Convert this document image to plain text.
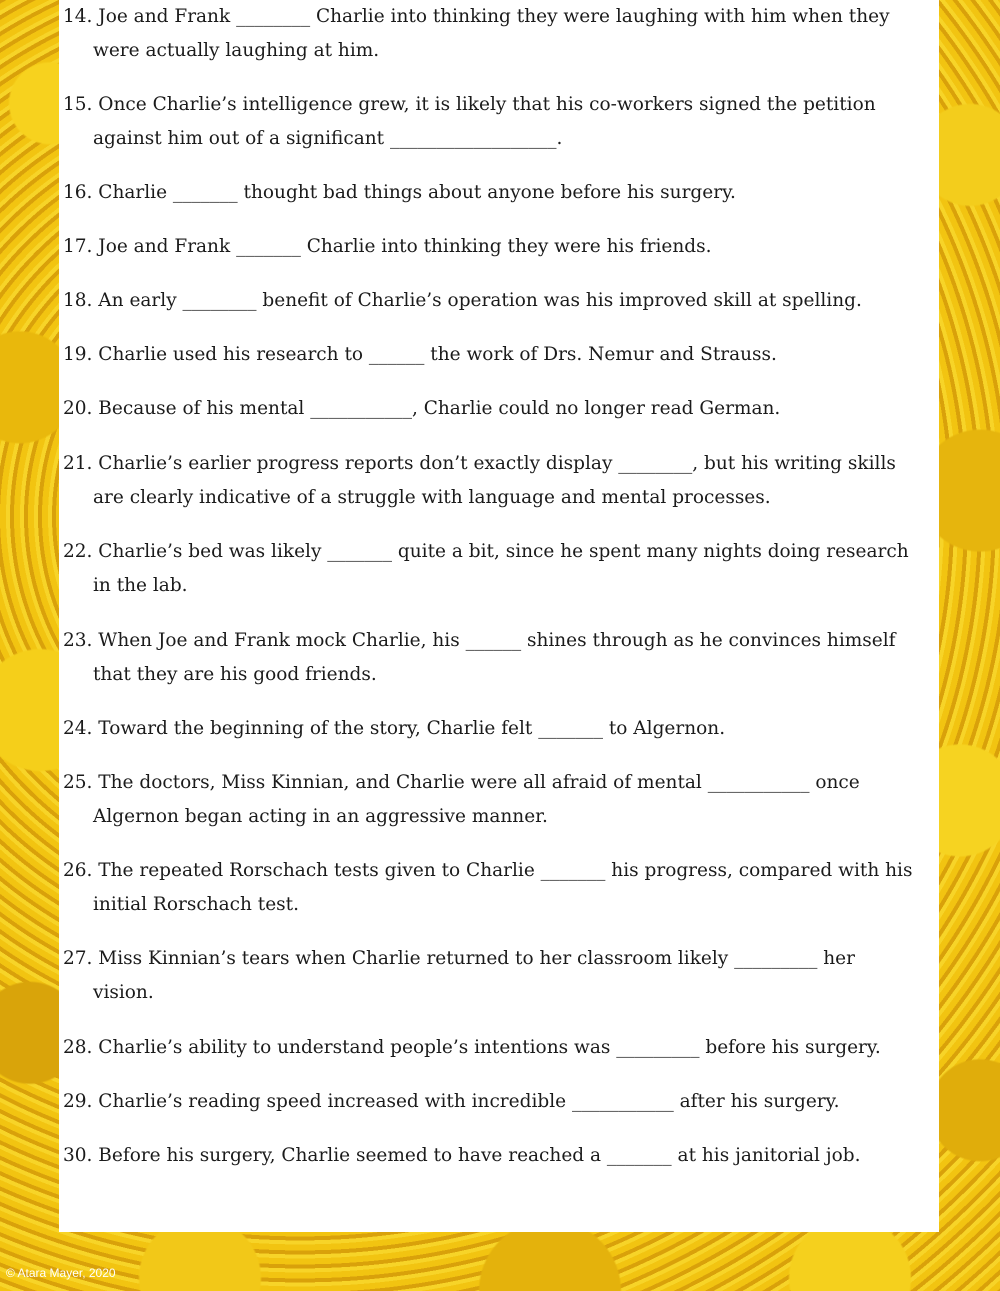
14. Joe and Frank ________ Charlie into thinking they were laughing with him when they
were actually laughing at him.
15. Once Charlie’s intelligence grew, it is likely that his co-workers signed the petition
against him out of a significant __________________.
16. Charlie _______ thought bad things about anyone before his surgery.
17. Joe and Frank _______ Charlie into thinking they were his friends.
18. An early ________ benefit of Charlie’s operation was his improved skill at spelling.
19. Charlie used his research to ______ the work of Drs. Nemur and Strauss.
20. Because of his mental ___________, Charlie could no longer read German.
21. Charlie’s earlier progress reports don’t exactly display ________, but his writing skills
are clearly indicative of a struggle with language and mental processes.
22. Charlie’s bed was likely _______ quite a bit, since he spent many nights doing research
in the lab.
23. When Joe and Frank mock Charlie, his ______ shines through as he convinces himself
that they are his good friends.
24. Toward the beginning of the story, Charlie felt _______ to Algernon.
25. The doctors, Miss Kinnian, and Charlie were all afraid of mental ___________ once
Algernon began acting in an aggressive manner.
26. The repeated Rorschach tests given to Charlie _______ his progress, compared with his
initial Rorschach test.
27. Miss Kinnian’s tears when Charlie returned to her classroom likely _________ her
vision.
28. Charlie’s ability to understand people’s intentions was _________ before his surgery.
29. Charlie’s reading speed increased with incredible ___________ after his surgery.
30. Before his surgery, Charlie seemed to have reached a _______ at his janitorial job.
© Atara Mayer, 2020
